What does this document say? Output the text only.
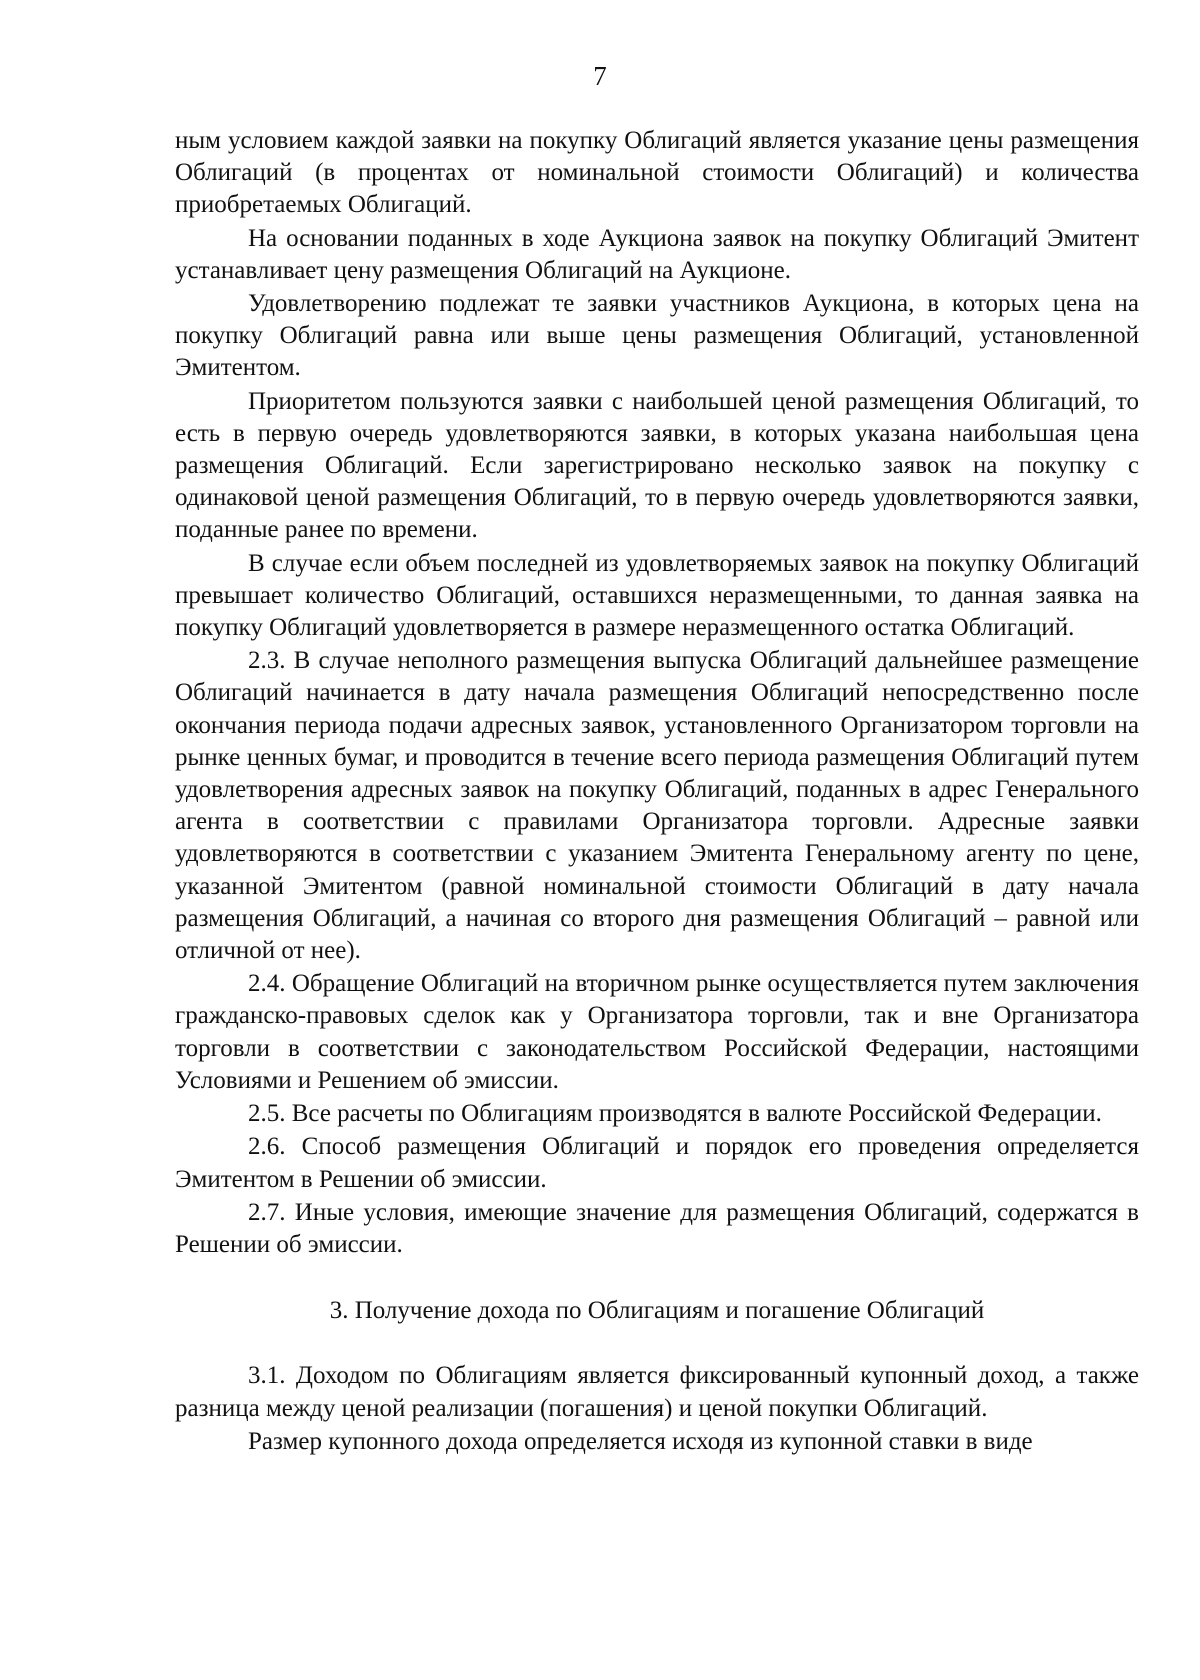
7

ным условием каждой заявки на покупку Облигаций является указание цены размещения Облигаций (в процентах от номинальной стоимости Облигаций) и количества приобретаемых Облигаций.

На основании поданных в ходе Аукциона заявок на покупку Облигаций Эмитент устанавливает цену размещения Облигаций на Аукционе.

Удовлетворению подлежат те заявки участников Аукциона, в которых цена на покупку Облигаций равна или выше цены размещения Облигаций, установленной Эмитентом.

Приоритетом пользуются заявки с наибольшей ценой размещения Облигаций, то есть в первую очередь удовлетворяются заявки, в которых указана наибольшая цена размещения Облигаций. Если зарегистрировано несколько заявок на покупку с одинаковой ценой размещения Облигаций, то в первую очередь удовлетворяются заявки, поданные ранее по времени.

В случае если объем последней из удовлетворяемых заявок на покупку Облигаций превышает количество Облигаций, оставшихся неразмещенными, то данная заявка на покупку Облигаций удовлетворяется в размере неразмещенного остатка Облигаций.

2.3. В случае неполного размещения выпуска Облигаций дальнейшее размещение Облигаций начинается в дату начала размещения Облигаций непосредственно после окончания периода подачи адресных заявок, установленного Организатором торговли на рынке ценных бумаг, и проводится в течение всего периода размещения Облигаций путем удовлетворения адресных заявок на покупку Облигаций, поданных в адрес Генерального агента в соответствии с правилами Организатора торговли. Адресные заявки удовлетворяются в соответствии с указанием Эмитента Генеральному агенту по цене, указанной Эмитентом (равной номинальной стоимости Облигаций в дату начала размещения Облигаций, а начиная со второго дня размещения Облигаций – равной или отличной от нее).

2.4. Обращение Облигаций на вторичном рынке осуществляется путем заключения гражданско-правовых сделок как у Организатора торговли, так и вне Организатора торговли в соответствии с законодательством Российской Федерации, настоящими Условиями и Решением об эмиссии.

2.5. Все расчеты по Облигациям производятся в валюте Российской Федерации.

2.6. Способ размещения Облигаций и порядок его проведения определяется Эмитентом в Решении об эмиссии.

2.7. Иные условия, имеющие значение для размещения Облигаций, содержатся в Решении об эмиссии.

3. Получение дохода по Облигациям и погашение Облигаций

3.1. Доходом по Облигациям является фиксированный купонный доход, а также разница между ценой реализации (погашения) и ценой покупки Облигаций.

Размер купонного дохода определяется исходя из купонной ставки в виде
